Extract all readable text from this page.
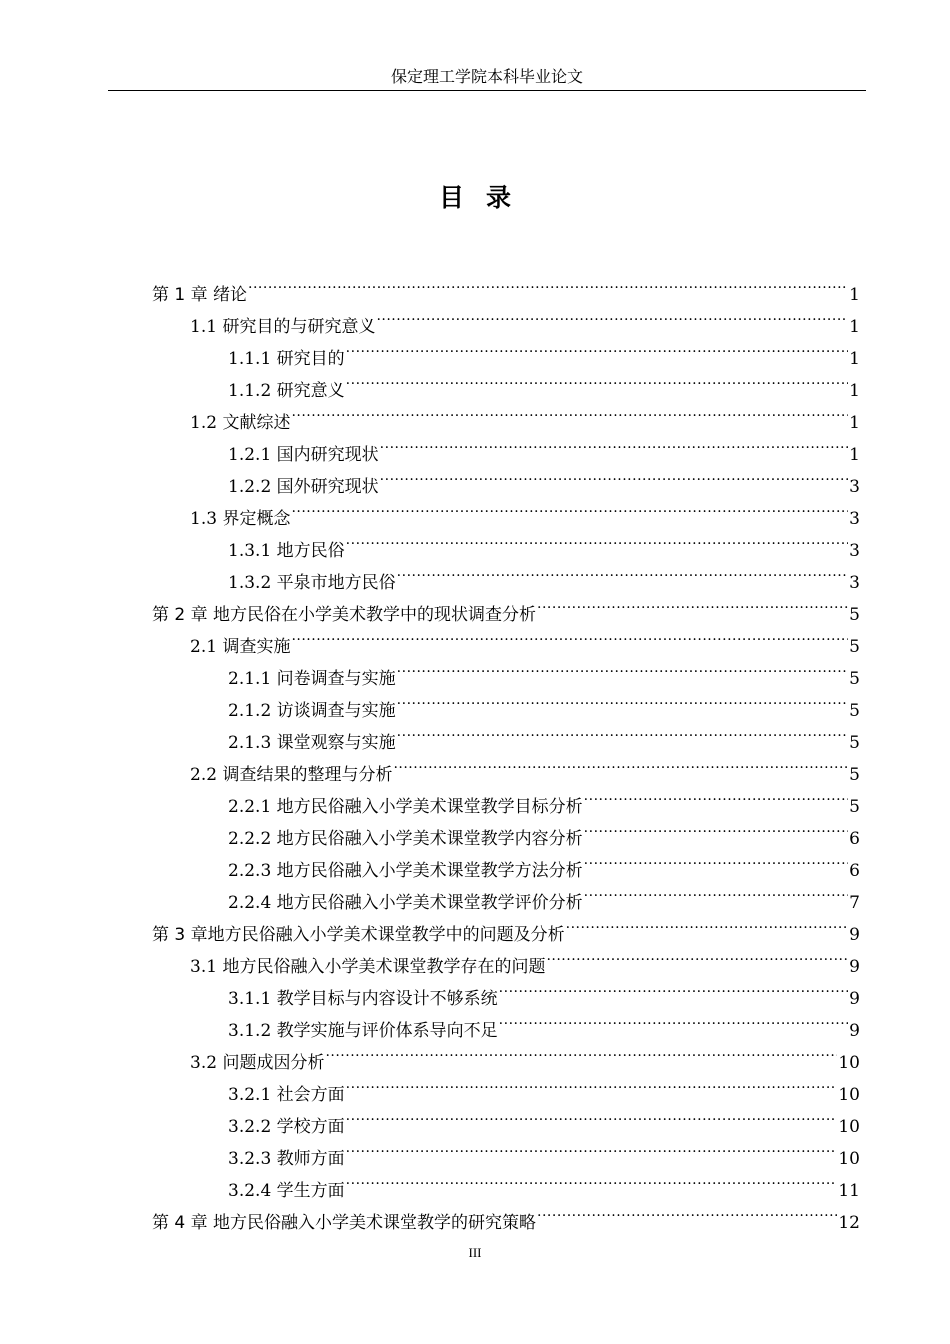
保定理工学院本科毕业论文
目录
第 1 章 绪论 .....	1
1.1 研究目的与研究意义 .....	1
1.1.1 研究目的 .....	1
1.1.2 研究意义 .....	1
1.2 文献综述 .....	1
1.2.1 国内研究现状 .....	1
1.2.2 国外研究现状 .....	3
1.3 界定概念 .....	3
1.3.1 地方民俗 .....	3
1.3.2 平泉市地方民俗 .....	3
第 2 章 地方民俗在小学美术教学中的现状调查分析 .....	5
2.1 调查实施 .....	5
2.1.1 问卷调查与实施 .....	5
2.1.2 访谈调查与实施 .....	5
2.1.3 课堂观察与实施 .....	5
2.2 调查结果的整理与分析 .....	5
2.2.1 地方民俗融入小学美术课堂教学目标分析 .....	5
2.2.2 地方民俗融入小学美术课堂教学内容分析 .....	6
2.2.3 地方民俗融入小学美术课堂教学方法分析 .....	6
2.2.4 地方民俗融入小学美术课堂教学评价分析 .....	7
第 3 章地方民俗融入小学美术课堂教学中的问题及分析 .....	9
3.1 地方民俗融入小学美术课堂教学存在的问题 .....	9
3.1.1 教学目标与内容设计不够系统 .....	9
3.1.2 教学实施与评价体系导向不足 .....	9
3.2 问题成因分析 .....	10
3.2.1 社会方面 .....	10
3.2.2 学校方面 .....	10
3.2.3 教师方面 .....	10
3.2.4 学生方面 .....	11
第 4 章 地方民俗融入小学美术课堂教学的研究策略 .....	12
III
